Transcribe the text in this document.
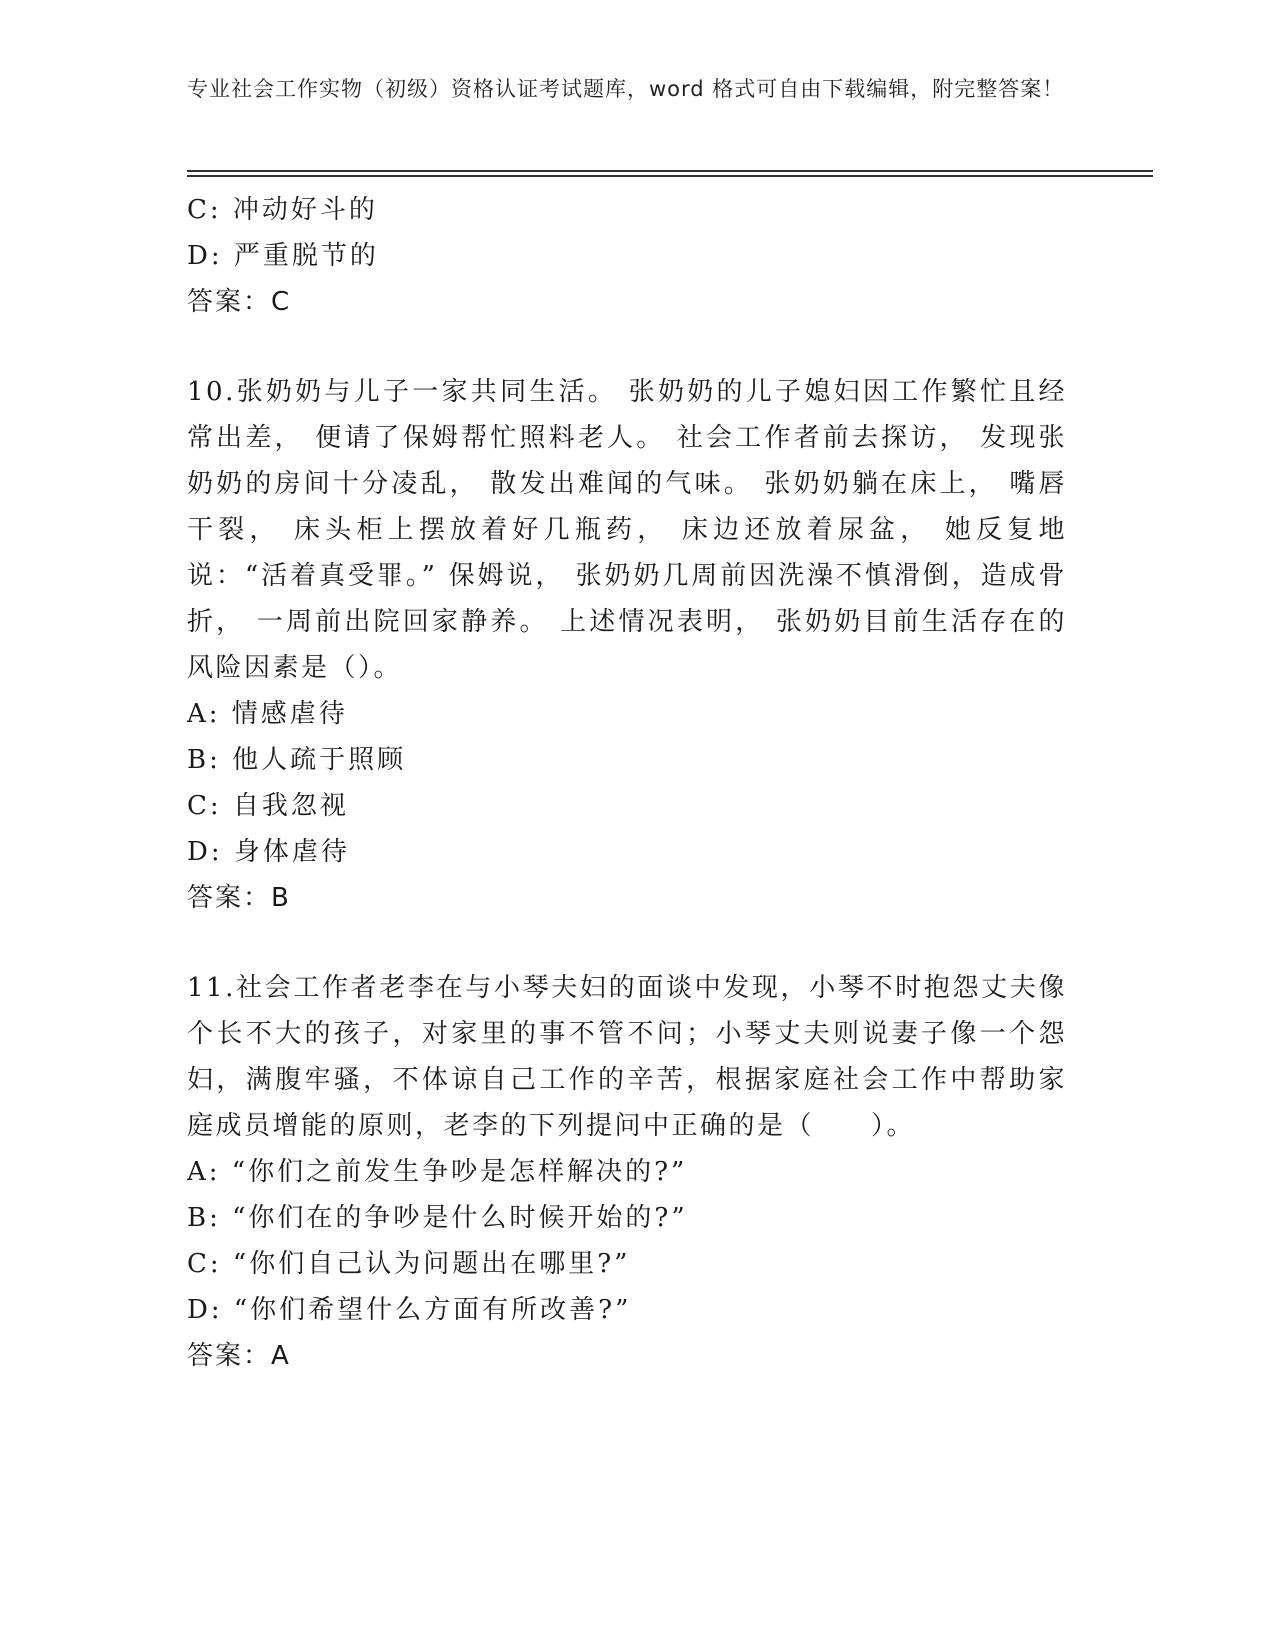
专业社会工作实物（初级）资格认证考试题库，word 格式可自由下载编辑，附完整答案！
C: 冲动好斗的
D: 严重脱节的
答案：C
10.张奶奶与儿子一家共同生活。 张奶奶的儿子媳妇因工作繁忙且经常出差， 便请了保姆帮忙照料老人。 社会工作者前去探访， 发现张奶奶的房间十分凌乱， 散发出难闻的气味。 张奶奶躺在床上， 嘴唇干裂， 床头柜上摆放着好几瓶药， 床边还放着尿盆， 她反复地说：“活着真受罪。” 保姆说， 张奶奶几周前因洗澡不慎滑倒，造成骨折， 一周前出院回家静养。 上述情况表明， 张奶奶目前生活存在的风险因素是（）。
A: 情感虐待
B: 他人疏于照顾
C: 自我忽视
D: 身体虐待
答案：B
11.社会工作者老李在与小琴夫妇的面谈中发现，小琴不时抱怨丈夫像个长不大的孩子，对家里的事不管不问；小琴丈夫则说妻子像一个怨妇，满腹牢骚，不体谅自己工作的辛苦，根据家庭社会工作中帮助家庭成员增能的原则，老李的下列提问中正确的是（　　）。
A: “你们之前发生争吵是怎样解决的?”
B: “你们在的争吵是什么时候开始的?”
C: “你们自己认为问题出在哪里?”
D: “你们希望什么方面有所改善?”
答案：A
